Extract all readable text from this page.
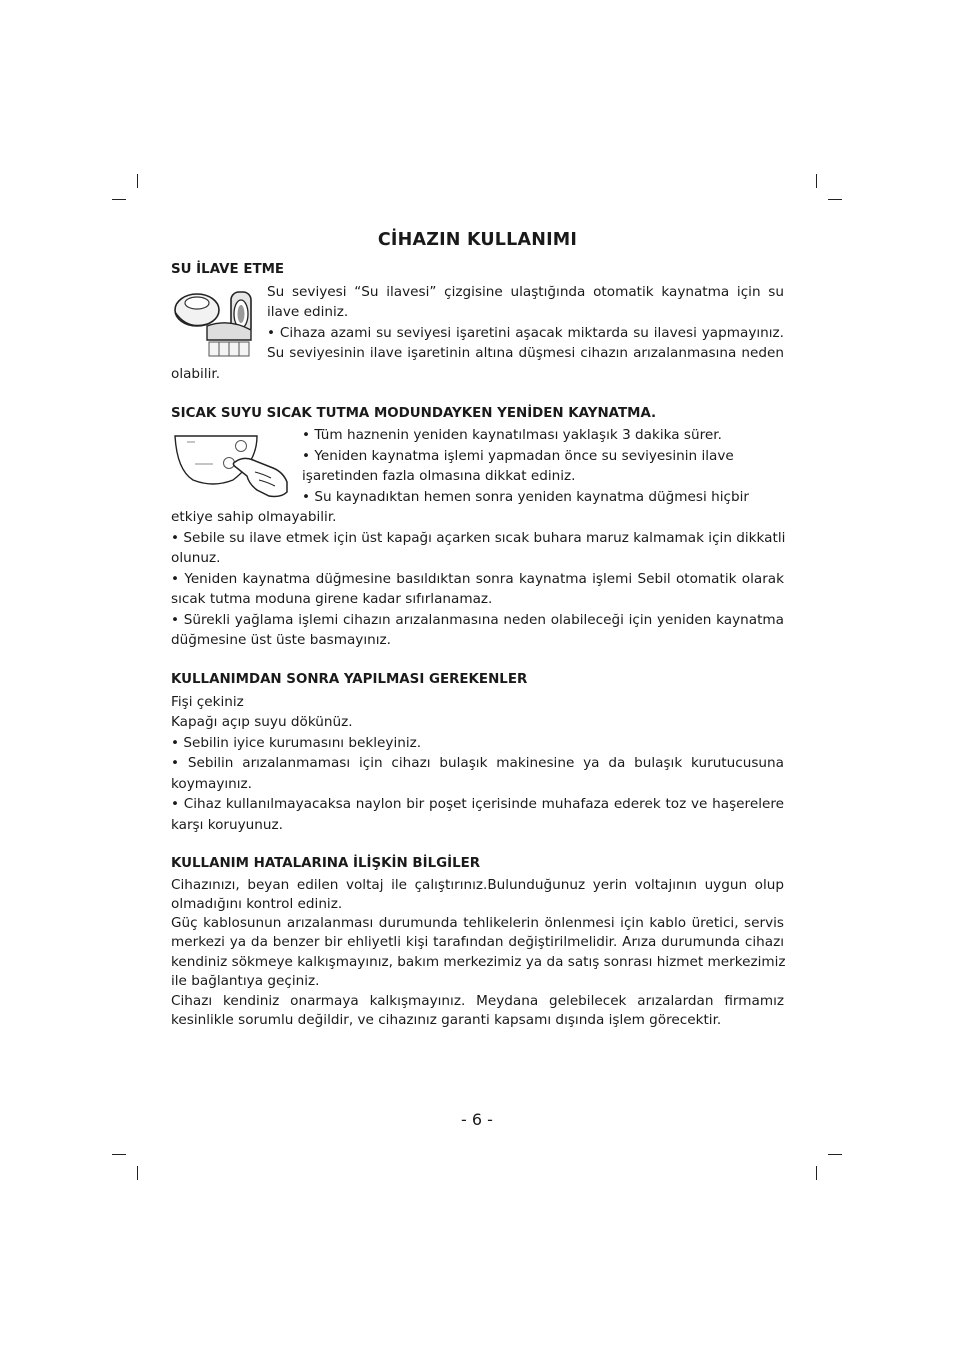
CİHAZIN KULLANIMI
SU İLAVE ETME

Su seviyesi “Su ilavesi” çizgisine ulaştığında otomatik kaynatma için su

ilave ediniz.

• Cihaza azami su seviyesi işaretini aşacak miktarda su ilavesi yapmayınız.

Su seviyesinin ilave işaretinin altına düşmesi cihazın arızalanmasına neden

olabilir.

SICAK SUYU SICAK TUTMA MODUNDAYKEN YENİDEN KAYNATMA.

• Tüm haznenin yeniden kaynatılması yaklaşık 3 dakika sürer.

• Yeniden kaynatma işlemi yapmadan önce su seviyesinin ilave

işaretinden fazla olmasına dikkat ediniz.

• Su kaynadıktan hemen sonra yeniden kaynatma düğmesi hiçbir

etkiye sahip olmayabilir.

• Sebile su ilave etmek için üst kapağı açarken sıcak buhara maruz kalmamak için dikkatli

olunuz.

• Yeniden kaynatma düğmesine basıldıktan sonra kaynatma işlemi Sebil otomatik olarak

sıcak tutma moduna girene kadar sıfırlanamaz.

• Sürekli yağlama işlemi cihazın arızalanmasına neden olabileceği için yeniden kaynatma

düğmesine üst üste basmayınız.

KULLANIMDAN SONRA YAPILMASI GEREKENLER

Fişi çekiniz

Kapağı açıp suyu dökünüz.

• Sebilin iyice kurumasını bekleyiniz.

• Sebilin arızalanmaması için cihazı bulaşık makinesine ya da bulaşık kurutucusuna

koymayınız.

• Cihaz kullanılmayacaksa naylon bir poşet içerisinde muhafaza ederek toz ve haşerelere

karşı koruyunuz.

KULLANIM HATALARINA İLİŞKİN BİLGİLER

Cihazınızı, beyan edilen voltaj ile çalıştırınız.Bulunduğunuz yerin voltajının uygun olup

olmadığını kontrol ediniz.

Güç kablosunun arızalanması durumunda tehlikelerin önlenmesi için kablo üretici, servis

merkezi ya da benzer bir ehliyetli kişi tarafından değiştirilmelidir. Arıza durumunda cihazı

kendiniz sökmeye kalkışmayınız, bakım merkezimiz ya da satış sonrası hizmet merkezimiz

ile bağlantıya geçiniz.

Cihazı kendiniz onarmaya kalkışmayınız. Meydana gelebilecek arızalardan firmamız

kesinlikle sorumlu değildir, ve cihazınız garanti kapsamı dışında işlem görecektir.

- 6 -
